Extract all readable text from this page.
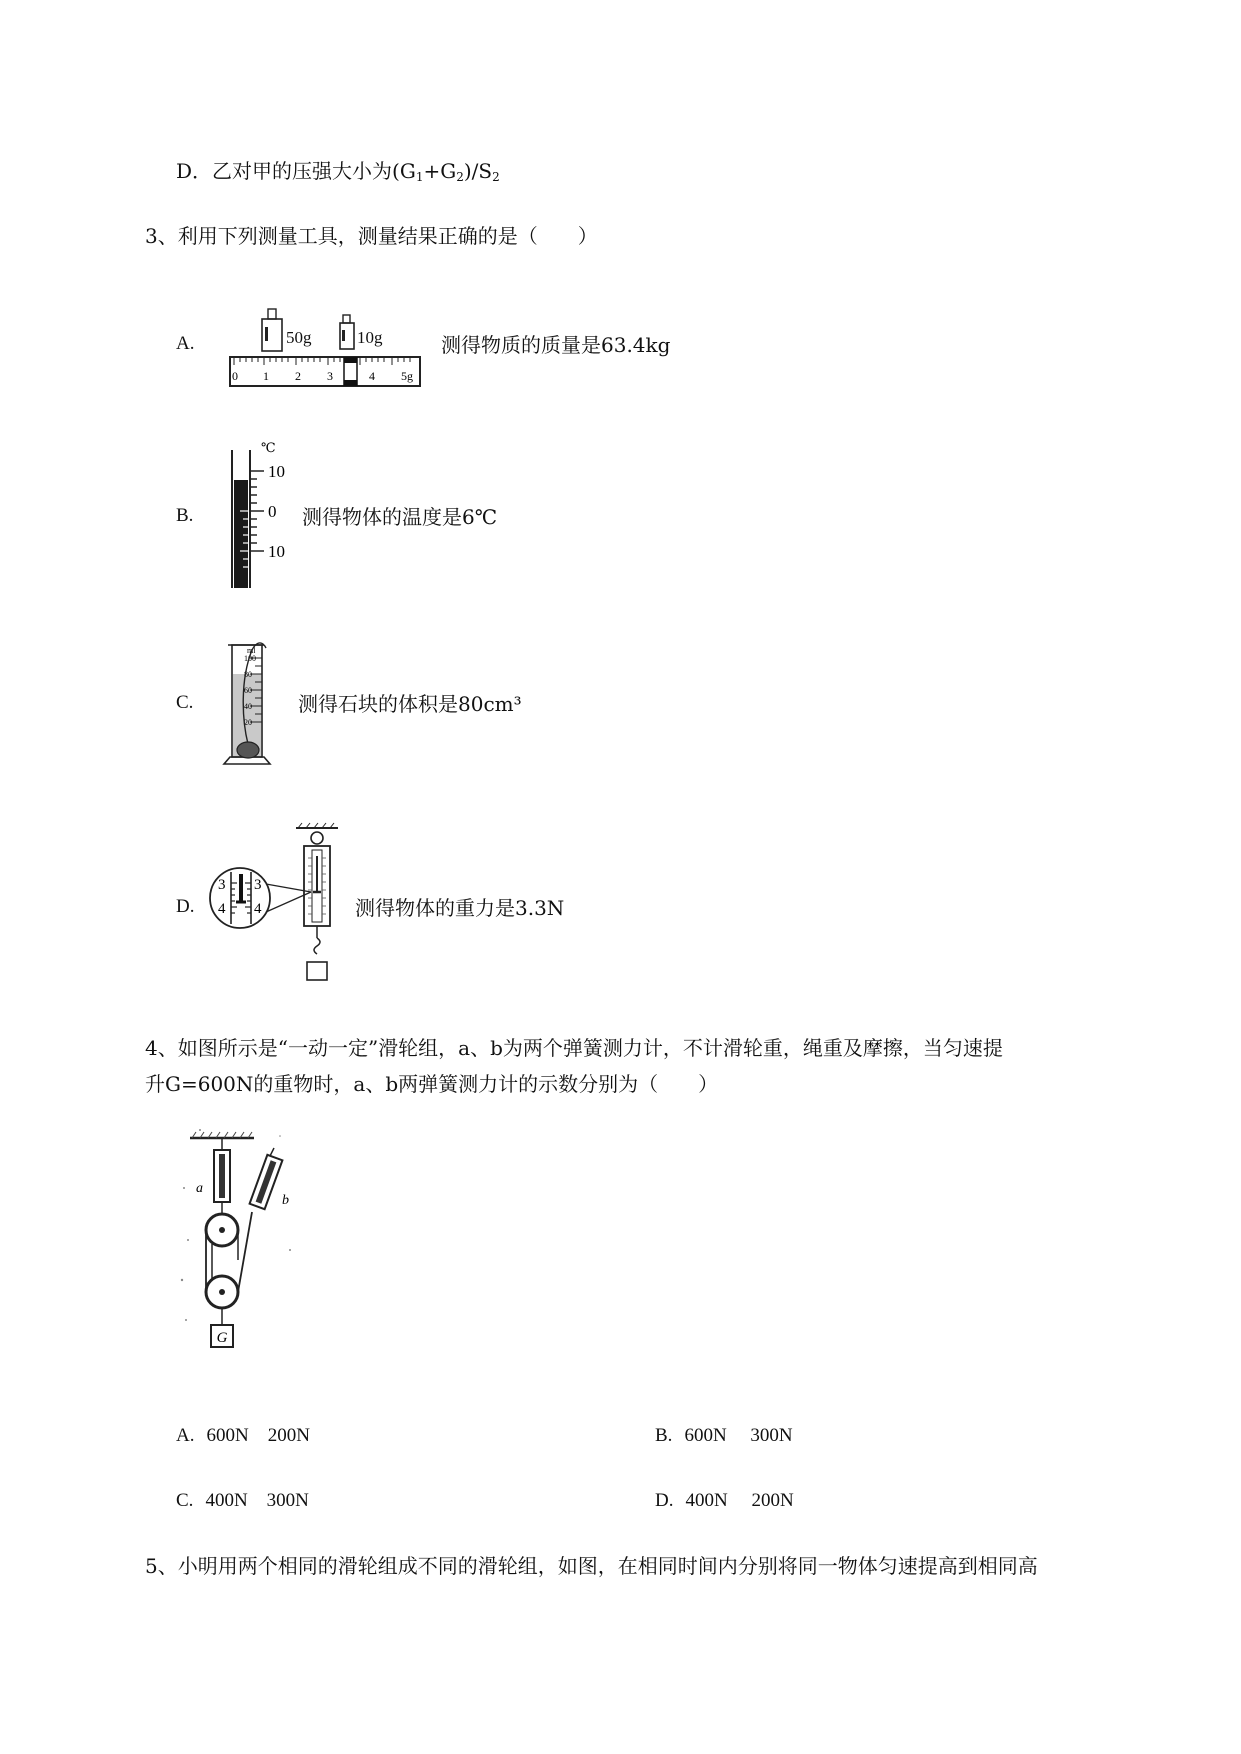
D．乙对甲的压强大小为$(G_1+G_2)/S_2$
3、利用下列测量工具，测量结果正确的是（　　）
A.	50g	10g
0 1 2 3	4 5g
测得物质的质量是63.4kg
B.
℃
10
0
10
测得物体的温度是6℃
C.
ml
100
80
60
40
20
测得石块的体积是80cm³
D.
3
4
3
4	测得物体的重力是3.3N
4、如图所示是“一动一定”滑轮组，a、b为两个弹簧测力计，不计滑轮重，绳重及摩擦，当匀速提
升G=600N的重物时，a、b两弹簧测力计的示数分别为（　　）
a
b
G
A. 600N　200N	B. 600N　 300N
C. 400N　300N	D. 400N　 200N
5、小明用两个相同的滑轮组成不同的滑轮组，如图，在相同时间内分别将同一物体匀速提高到相同高
